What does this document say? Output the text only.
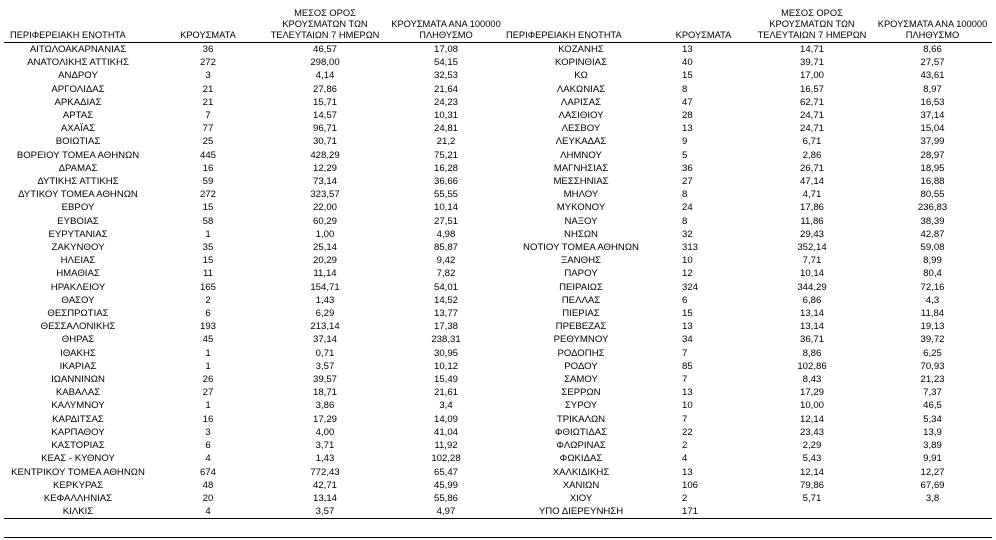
ΠΕΡΙΦΕΡΕΙΑΚΗ ΕΝΟΤΗΤΑ	ΚΡΟΥΣΜΑΤΑ	ΜΕΣΟΣ ΟΡΟΣ
ΚΡΟΥΣΜΑΤΩΝ ΤΩΝ
ΤΕΛΕΥΤΑΙΩΝ 7 ΗΜΕΡΩΝ	ΚΡΟΥΣΜΑΤΑ ΑΝΑ 100000
ΠΛΗΘΥΣΜΟ	ΠΕΡΙΦΕΡΕΙΑΚΗ ΕΝΟΤΗΤΑ	ΚΡΟΥΣΜΑΤΑ	ΜΕΣΟΣ ΟΡΟΣ
ΚΡΟΥΣΜΑΤΩΝ ΤΩΝ
ΤΕΛΕΥΤΑΙΩΝ 7 ΗΜΕΡΩΝ	ΚΡΟΥΣΜΑΤΑ ΑΝΑ 100000
ΠΛΗΘΥΣΜΟ
ΑΙΤΩΛΟΑΚΑΡΝΑΝΙΑΣ	36	46,57	17,08	ΚΟΖΑΝΗΣ	13	14,71	8,66
ΑΝΑΤΟΛΙΚΗΣ ΑΤΤΙΚΗΣ	272	298,00	54,15	ΚΟΡΙΝΘΙΑΣ	40	39,71	27,57
ΑΝΔΡΟΥ	3	4,14	32,53	ΚΩ	15	17,00	43,61
ΑΡΓΟΛΙΔΑΣ	21	27,86	21,64	ΛΑΚΩΝΙΑΣ	8	16,57	8,97
ΑΡΚΑΔΙΑΣ	21	15,71	24,23	ΛΑΡΙΣΑΣ	47	62,71	16,53
ΑΡΤΑΣ	7	14,57	10,31	ΛΑΣΙΘΙΟΥ	28	24,71	37,14
ΑΧΑΪΑΣ	77	96,71	24,81	ΛΕΣΒΟΥ	13	24,71	15,04
ΒΟΙΩΤΙΑΣ	25	30,71	21,2	ΛΕΥΚΑΔΑΣ	9	6,71	37,99
ΒΟΡΕΙΟΥ ΤΟΜΕΑ ΑΘΗΝΩΝ	445	428,29	75,21	ΛΗΜΝΟΥ	5	2,86	28,97
ΔΡΑΜΑΣ	16	12,29	16,28	ΜΑΓΝΗΣΙΑΣ	36	26,71	18,95
ΔΥΤΙΚΗΣ ΑΤΤΙΚΗΣ	59	73,14	36,66	ΜΕΣΣΗΝΙΑΣ	27	47,14	16,88
ΔΥΤΙΚΟΥ ΤΟΜΕΑ ΑΘΗΝΩΝ	272	323,57	55,55	ΜΗΛΟΥ	8	4,71	80,55
ΕΒΡΟΥ	15	22,00	10,14	ΜΥΚΟΝΟΥ	24	17,86	236,83
ΕΥΒΟΙΑΣ	58	60,29	27,51	ΝΑΞΟΥ	8	11,86	38,39
ΕΥΡΥΤΑΝΙΑΣ	1	1,00	4,98	ΝΗΣΩΝ	32	29,43	42,87
ΖΑΚΥΝΘΟΥ	35	25,14	85,87	ΝΟΤΙΟΥ ΤΟΜΕΑ ΑΘΗΝΩΝ	313	352,14	59,08
ΗΛΕΙΑΣ	15	20,29	9,42	ΞΑΝΘΗΣ	10	7,71	8,99
ΗΜΑΘΙΑΣ	11	11,14	7,82	ΠΑΡΟΥ	12	10,14	80,4
ΗΡΑΚΛΕΙΟΥ	165	154,71	54,01	ΠΕΙΡΑΙΩΣ	324	344,29	72,16
ΘΑΣΟΥ	2	1,43	14,52	ΠΕΛΛΑΣ	6	6,86	4,3
ΘΕΣΠΡΩΤΙΑΣ	6	6,29	13,77	ΠΙΕΡΙΑΣ	15	13,14	11,84
ΘΕΣΣΑΛΟΝΙΚΗΣ	193	213,14	17,38	ΠΡΕΒΕΖΑΣ	13	13,14	19,13
ΘΗΡΑΣ	45	37,14	238,31	ΡΕΘΥΜΝΟΥ	34	36,71	39,72
ΙΘΑΚΗΣ	1	0,71	30,95	ΡΟΔΟΠΗΣ	7	8,86	6,25
ΙΚΑΡΙΑΣ	1	3,57	10,12	ΡΟΔΟΥ	85	102,86	70,93
ΙΩΑΝΝΙΝΩΝ	26	39,57	15,49	ΣΑΜΟΥ	7	8,43	21,23
ΚΑΒΑΛΑΣ	27	18,71	21,61	ΣΕΡΡΩΝ	13	17,29	7,37
ΚΑΛΥΜΝΟΥ	1	3,86	3,4	ΣΥΡΟΥ	10	10,00	46,5
ΚΑΡΔΙΤΣΑΣ	16	17,29	14,09	ΤΡΙΚΑΛΩΝ	7	12,14	5,34
ΚΑΡΠΑΘΟΥ	3	4,00	41,04	ΦΘΙΩΤΙΔΑΣ	22	23,43	13,9
ΚΑΣΤΟΡΙΑΣ	6	3,71	11,92	ΦΛΩΡΙΝΑΣ	2	2,29	3,89
ΚΕΑΣ - ΚΥΘΝΟΥ	4	1,43	102,28	ΦΩΚΙΔΑΣ	4	5,43	9,91
ΚΕΝΤΡΙΚΟΥ ΤΟΜΕΑ ΑΘΗΝΩΝ	674	772,43	65,47	ΧΑΛΚΙΔΙΚΗΣ	13	12,14	12,27
ΚΕΡΚΥΡΑΣ	48	42,71	45,99	ΧΑΝΙΩΝ	106	79,86	67,69
ΚΕΦΑΛΛΗΝΙΑΣ	20	13,14	55,86	ΧΙΟΥ	2	5,71	3,8
ΚΙΛΚΙΣ	4	3,57	4,97	ΥΠΟ ΔΙΕΡΕΥΝΗΣΗ	171		
